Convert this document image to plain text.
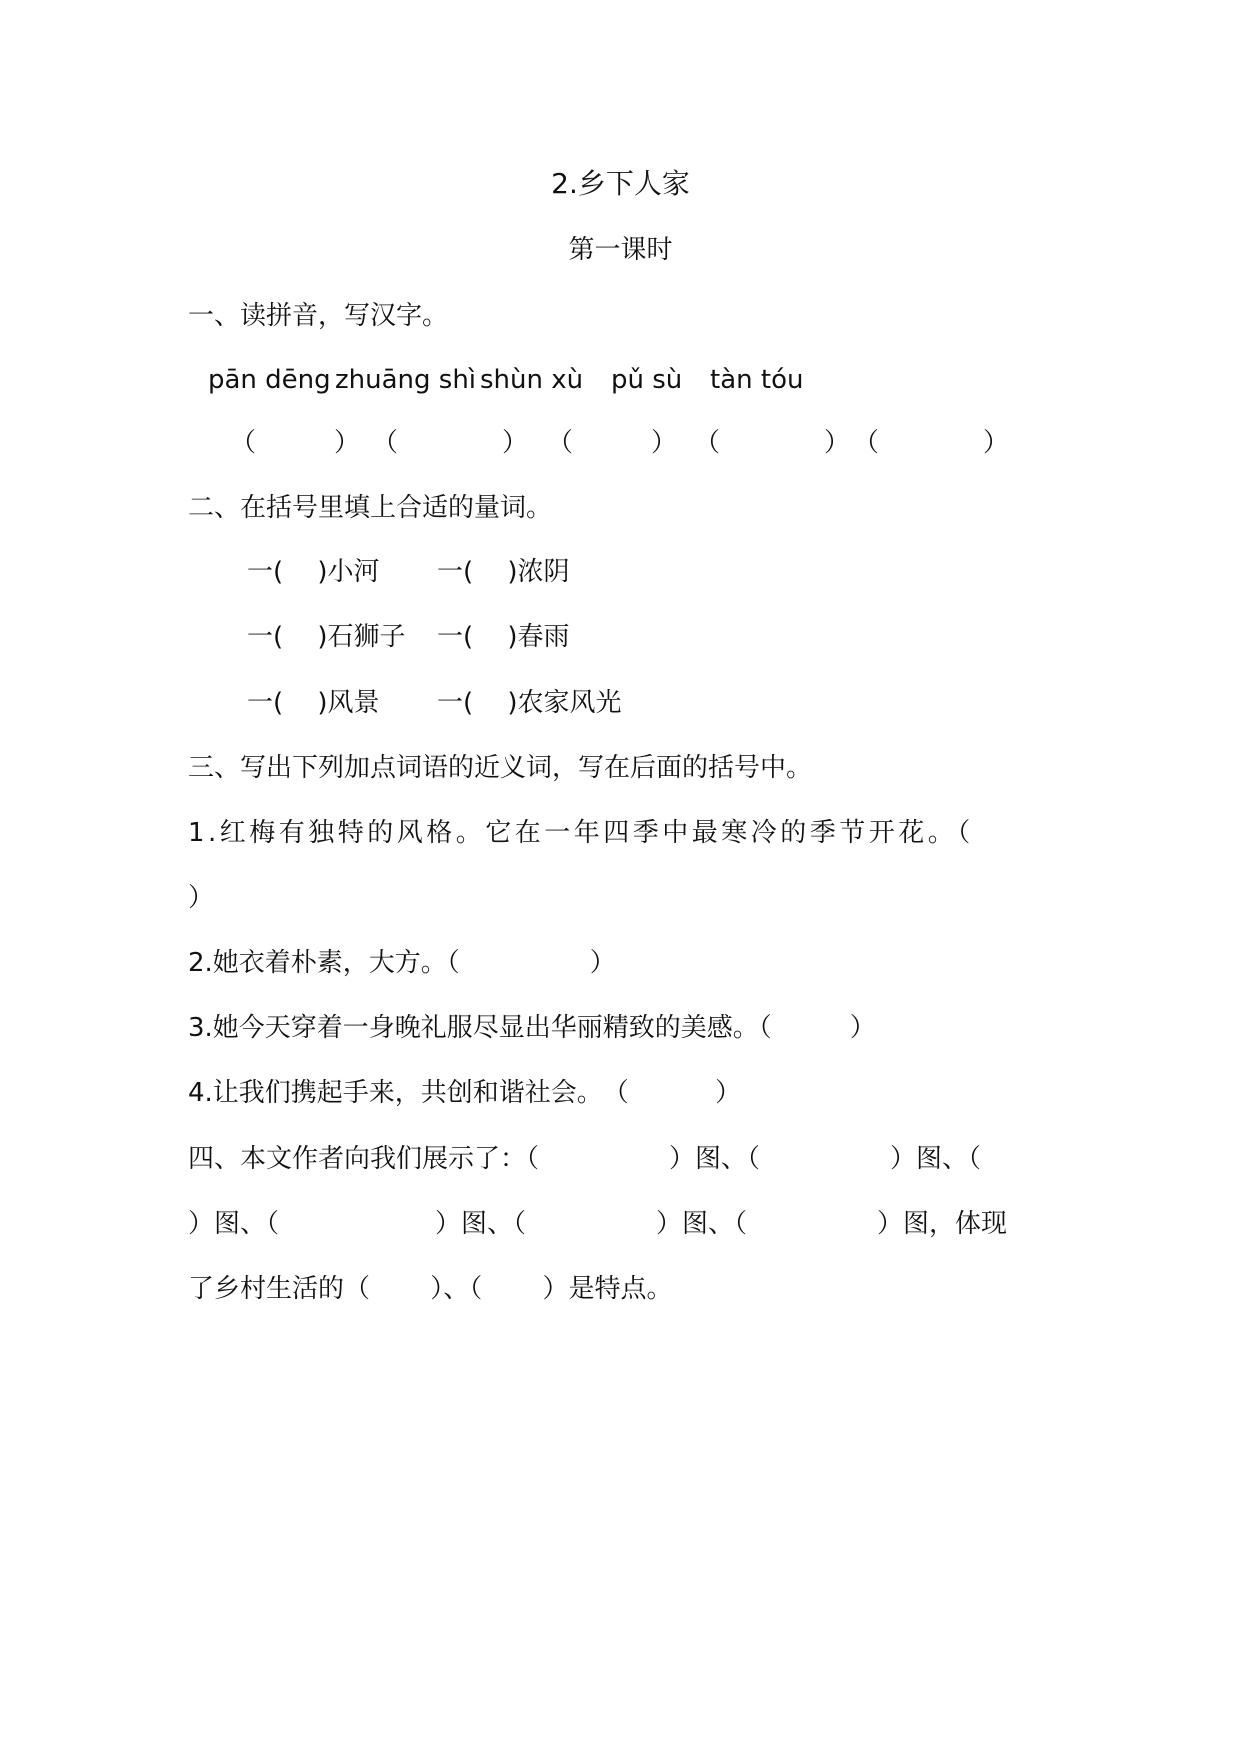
2.乡下人家
第一课时
一、读拼音，写汉字。

pān dēng

zhuāng shì

shùn xù

pǔ sù

tàn tóu

（　　　）

（　　　　）

（　　　）

（　　　　）

（　　　　）

二、在括号里填上合适的量词。

一(　 )小河

一(　 )浓阴

一(　 )石狮子

一(　 )春雨

一(　 )风景

一(　 )农家风光

三、写出下列加点词语的近义词，写在后面的括号中。
1.红梅有独特的风格。它在一年四季中最寒冷的季节开花。（
）
2.她衣着朴素，大方。（　　　　　）
3.她今天穿着一身晚礼服尽显出华丽精致的美感。（　　　）
4.让我们携起手来，共创和谐社会。　（　　　 ）
四、本文作者向我们展示了：（　　　　　）图、（　　　　　）图、（
）图、（　　　　　　）图、（　　　　　）图、（　　　　　）图，体现
了乡村生活的（　　 ）、（　　 ）是特点。
